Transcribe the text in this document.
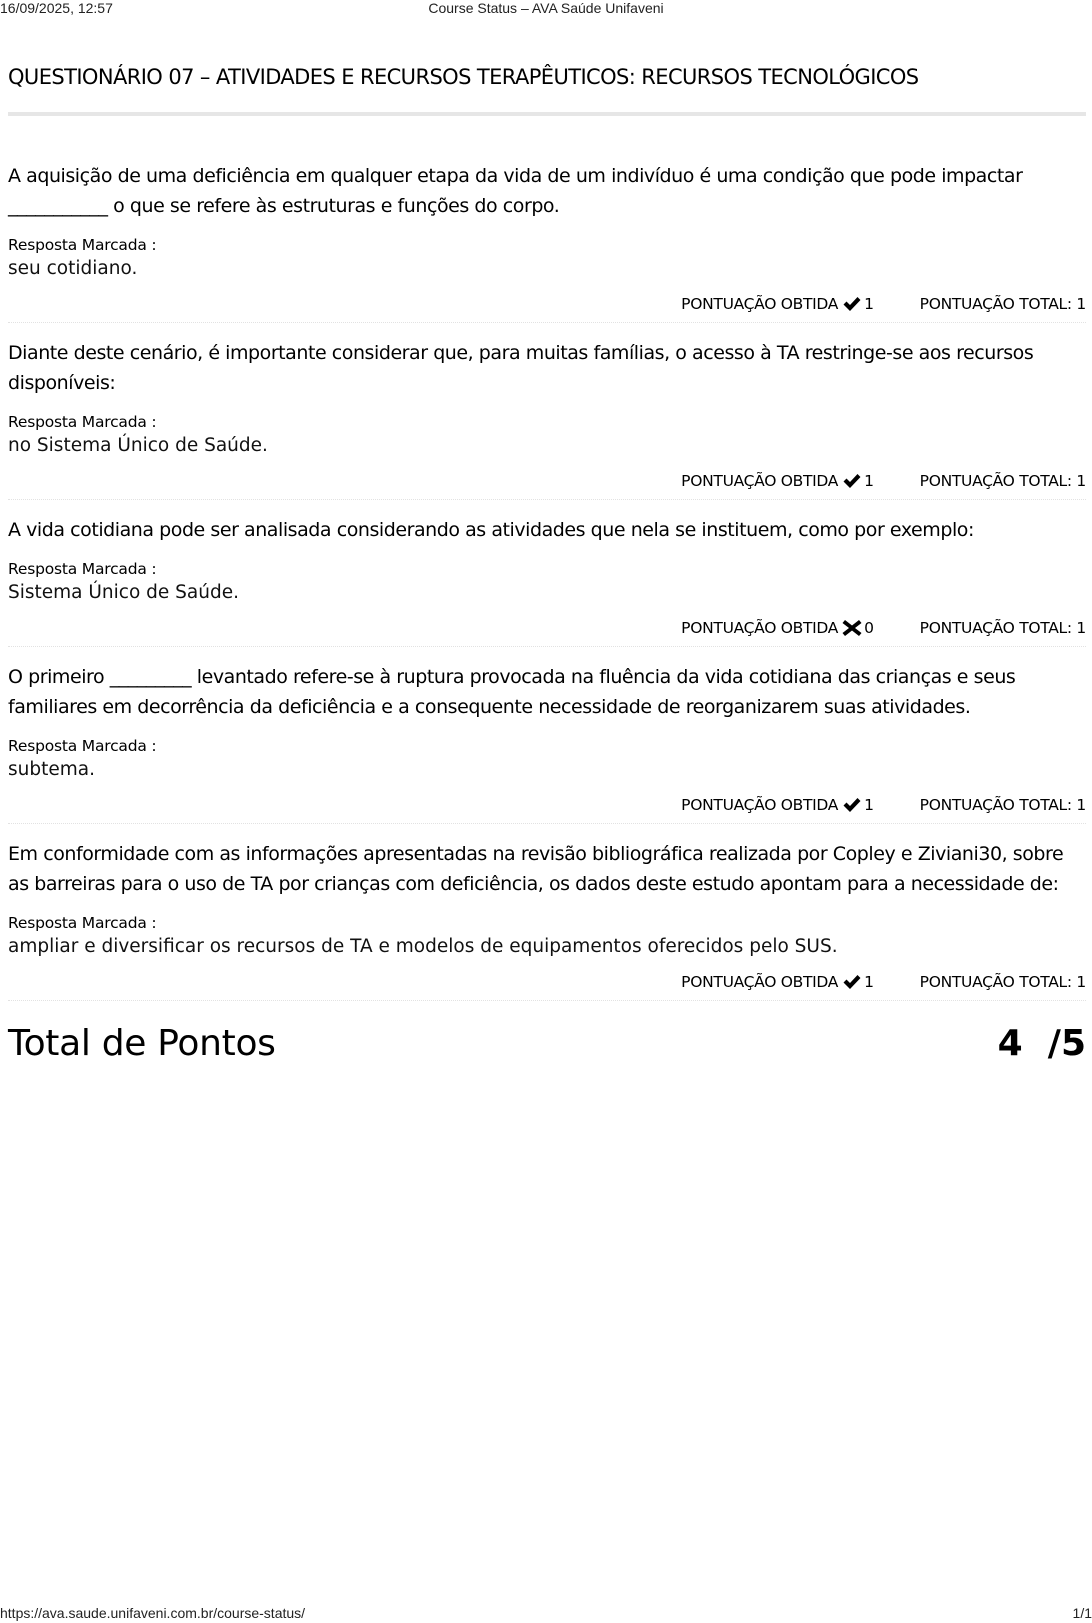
16/09/2025, 12:57	Course Status – AVA Saúde Unifaveni
QUESTIONÁRIO 07 – ATIVIDADES E RECURSOS TERAPÊUTICOS: RECURSOS TECNOLÓGICOS
A aquisição de uma deficiência em qualquer etapa da vida de um indivíduo é uma condição que pode impactar ___________ o que se refere às estruturas e funções do corpo.
Resposta Marcada :
seu cotidiano.
PONTUAÇÃO OBTIDA 1	PONTUAÇÃO TOTAL: 1
Diante deste cenário, é importante considerar que, para muitas famílias, o acesso à TA restringe-se aos recursos disponíveis:
Resposta Marcada :
no Sistema Único de Saúde.
PONTUAÇÃO OBTIDA 1	PONTUAÇÃO TOTAL: 1
A vida cotidiana pode ser analisada considerando as atividades que nela se instituem, como por exemplo:
Resposta Marcada :
Sistema Único de Saúde.
PONTUAÇÃO OBTIDA 0	PONTUAÇÃO TOTAL: 1
O primeiro _________ levantado refere-se à ruptura provocada na fluência da vida cotidiana das crianças e seus familiares em decorrência da deficiência e a consequente necessidade de reorganizarem suas atividades.
Resposta Marcada :
subtema.
PONTUAÇÃO OBTIDA 1	PONTUAÇÃO TOTAL: 1
Em conformidade com as informações apresentadas na revisão bibliográfica realizada por Copley e Ziviani30, sobre as barreiras para o uso de TA por crianças com deficiência, os dados deste estudo apontam para a necessidade de:
Resposta Marcada :
ampliar e diversificar os recursos de TA e modelos de equipamentos oferecidos pelo SUS.
PONTUAÇÃO OBTIDA 1	PONTUAÇÃO TOTAL: 1
Total de Pontos	4
/5
https://ava.saude.unifaveni.com.br/course-status/	1/1
